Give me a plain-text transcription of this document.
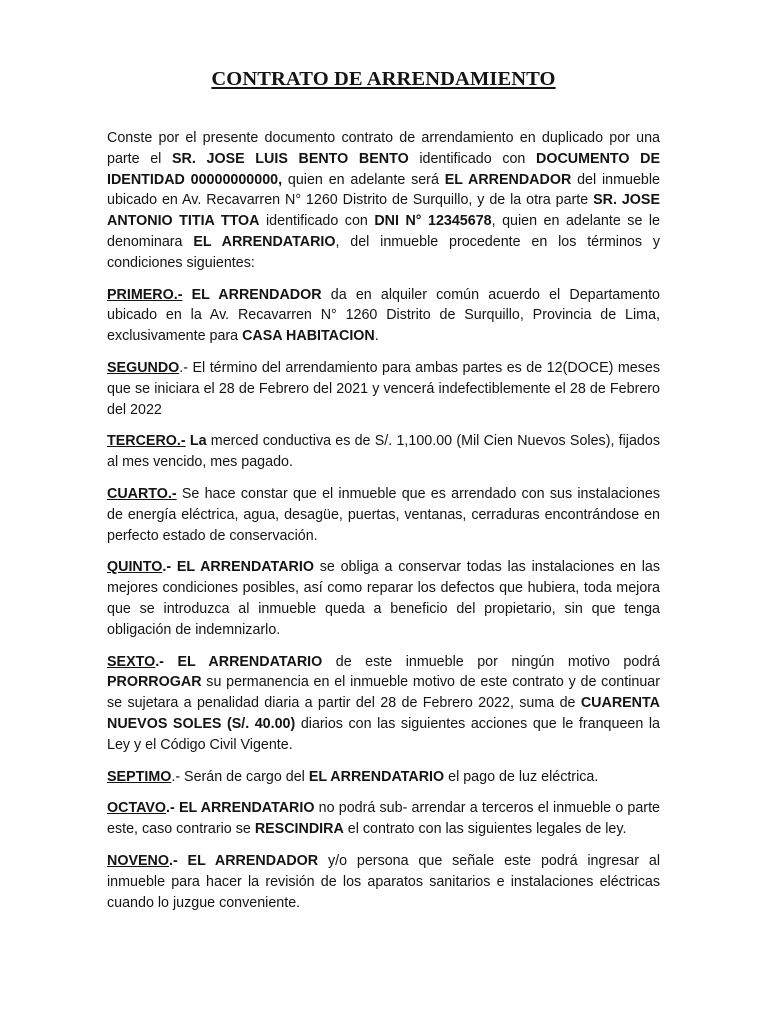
CONTRATO DE ARRENDAMIENTO

Conste por el presente documento contrato de arrendamiento en duplicado por una parte el SR. JOSE LUIS BENTO BENTO identificado con DOCUMENTO DE IDENTIDAD 00000000000, quien en adelante será EL ARRENDADOR del inmueble ubicado en Av. Recavarren N° 1260 Distrito de Surquillo, y de la otra parte SR. JOSE ANTONIO TITIA TTOA identificado con DNI N° 12345678, quien en adelante se le denominara EL ARRENDATARIO, del inmueble procedente en los términos y condiciones siguientes:

PRIMERO.- EL ARRENDADOR da en alquiler común acuerdo el Departamento ubicado en la Av. Recavarren N° 1260 Distrito de Surquillo, Provincia de Lima, exclusivamente para CASA HABITACION.

SEGUNDO.- El término del arrendamiento para ambas partes es de 12(DOCE) meses que se iniciara el 28 de Febrero del 2021 y vencerá indefectiblemente el 28 de Febrero del 2022

TERCERO.- La merced conductiva es de S/. 1,100.00 (Mil Cien Nuevos Soles), fijados al mes vencido, mes pagado.

CUARTO.- Se hace constar que el inmueble que es arrendado con sus instalaciones de energía eléctrica, agua, desagüe, puertas, ventanas, cerraduras encontrándose en perfecto estado de conservación.

QUINTO.- EL ARRENDATARIO se obliga a conservar todas las instalaciones en las mejores condiciones posibles, así como reparar los defectos que hubiera, toda mejora que se introduzca al inmueble queda a beneficio del propietario, sin que tenga obligación de indemnizarlo.

SEXTO.- EL ARRENDATARIO de este inmueble por ningún motivo podrá PRORROGAR su permanencia en el inmueble motivo de este contrato y de continuar se sujetara a penalidad diaria a partir del 28 de Febrero 2022, suma de CUARENTA NUEVOS SOLES (S/. 40.00) diarios con las siguientes acciones que le franqueen la Ley y el Código Civil Vigente.

SEPTIMO.- Serán de cargo del EL ARRENDATARIO el pago de luz eléctrica.

OCTAVO.- EL ARRENDATARIO no podrá sub- arrendar a terceros el inmueble o parte este, caso contrario se RESCINDIRA el contrato con las siguientes legales de ley.

NOVENO.- EL ARRENDADOR y/o persona que señale este podrá ingresar al inmueble para hacer la revisión de los aparatos sanitarios e instalaciones eléctricas cuando lo juzgue conveniente.
